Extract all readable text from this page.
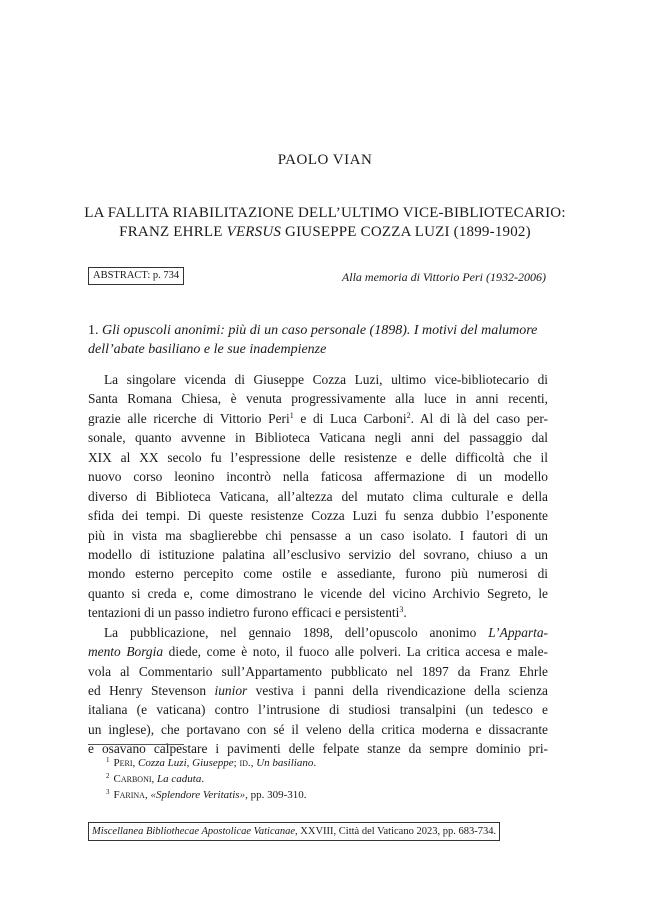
PAOLO VIAN
LA FALLITA RIABILITAZIONE DELL’ULTIMO VICE-BIBLIOTECARIO:
FRANZ EHRLE VERSUS GIUSEPPE COZZA LUZI (1899-1902)
ABSTRACT: p. 734	Alla memoria di Vittorio Peri (1932-2006)
1. Gli opuscoli anonimi: più di un caso personale (1898). I motivi del malumore
dell’abate basiliano e le sue inadempienze
La singolare vicenda di Giuseppe Cozza Luzi, ultimo vice-bibliotecario di
Santa Romana Chiesa, è venuta progressivamente alla luce in anni recenti,
grazie alle ricerche di Vittorio Peri$^1$ e di Luca Carboni$^2$. Al di là del caso per-
sonale, quanto avvenne in Biblioteca Vaticana negli anni del passaggio dal
XIX al XX secolo fu l’espressione delle resistenze e delle difficoltà che il
nuovo corso leonino incontrò nella faticosa affermazione di un modello
diverso di Biblioteca Vaticana, all’altezza del mutato clima culturale e della
sfida dei tempi. Di queste resistenze Cozza Luzi fu senza dubbio l’esponente
più in vista ma sbaglierebbe chi pensasse a un caso isolato. I fautori di un
modello di istituzione palatina all’esclusivo servizio del sovrano, chiuso a un
mondo esterno percepito come ostile e assediante, furono più numerosi di
quanto si creda e, come dimostrano le vicende del vicino Archivio Segreto, le
tentazioni di un passo indietro furono efficaci e persistenti$^3$.
La pubblicazione, nel gennaio 1898, dell’opuscolo anonimo L’Apparta-
mento Borgia diede, come è noto, il fuoco alle polveri. La critica accesa e male-
vola al Commentario sull’Appartamento pubblicato nel 1897 da Franz Ehrle
ed Henry Stevenson iunior vestiva i panni della rivendicazione della scienza
italiana (e vaticana) contro l’intrusione di studiosi transalpini (un tedesco e
un inglese), che portavano con sé il veleno della critica moderna e dissacrante
e osavano calpestare i pavimenti delle felpate stanze da sempre dominio pri-
$^1$ Peri, Cozza Luzi, Giuseppe; id., Un basiliano.
$^2$ Carboni, La caduta.
$^3$ Farina, «Splendore Veritatis», pp. 309-310.
Miscellanea Bibliothecae Apostolicae Vaticanae, XXVIII, Città del Vaticano 2023, pp. 683-734.
